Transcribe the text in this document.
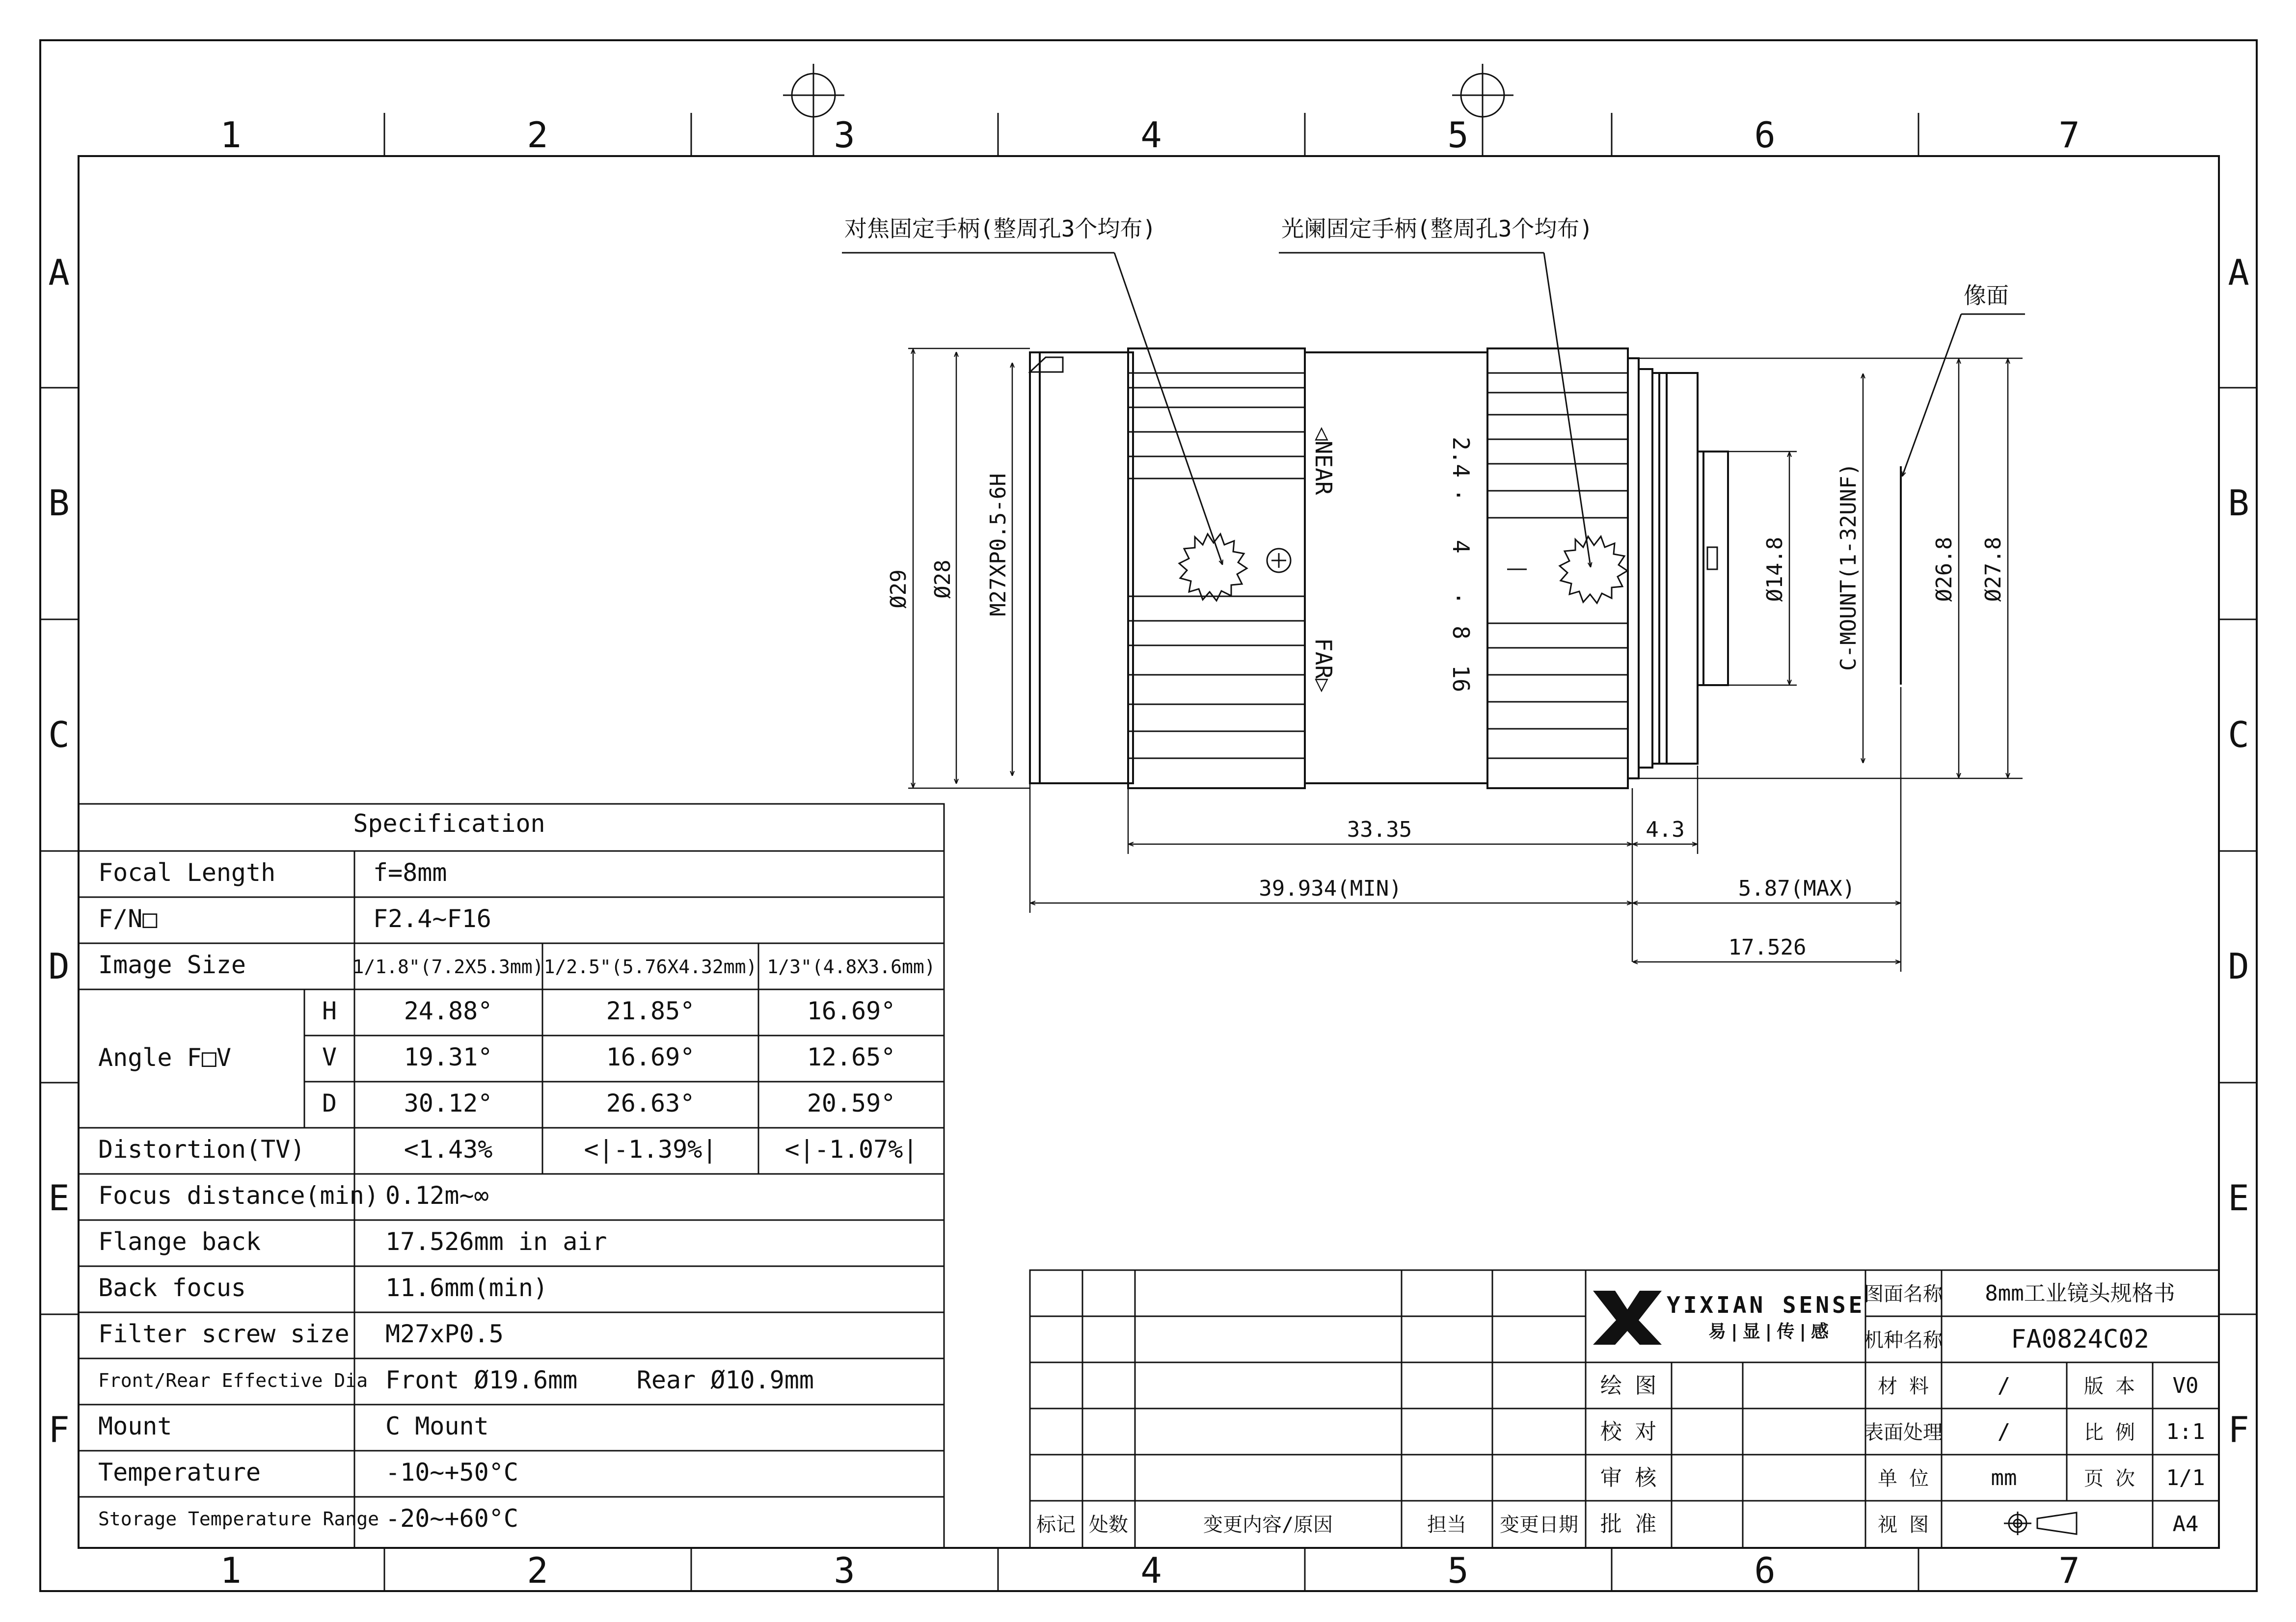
1	2	3	4	5	6	7
1	2	3	4	5	6	7
A
B
C
D
E
F
A
B
C
D
E
F
◁NEAR
FAR▷
2.4
·
4
·
8
16
对焦固定手柄(整周孔3个均布)	光阑固定手柄(整周孔3个均布)
像面
Ø29 Ø28 M27XP0.5-6H	Ø14.8 C-MOUNT(1-32UNF)	Ø26.8 Ø27.8
33.35	4.3
39.934(MIN)	5.87(MAX)
17.526
Specification
Focal Length	f=8mm
F/N□	F2.4~F16
Image Size	1/1.8"(7.2X5.3mm) 1/2.5"(5.76X4.32mm) 1/3"(4.8X3.6mm)
Angle F□V
H	24.88°	21.85°	16.69°
V	19.31°	16.69°	12.65°
D	30.12°	26.63°	20.59°
Distortion(TV)	<1.43%	<|-1.39%|	<|-1.07%|
Focus distance(min) 0.12m~∞
Flange back	17.526mm in air
Back focus	11.6mm(min)
Filter screw size M27xP0.5
Front/Rear Effective Dia Front Ø19.6mm    Rear Ø10.9mm
Mount	C Mount
Temperature	-10~+50°C
Storage Temperature Range -20~+60°C
YIXIAN SENSE
易|显|传|感
标记 处数	变更内容/原因	担当 变更日期
绘 图
校 对
审 核
批 准
图面名称 8mm工业镜头规格书
机种名称	FA0824C02
材 料	/	版 本 V0
表面处理	/	比 例 1:1
单 位	mm	页 次 1/1
视 图	A4
